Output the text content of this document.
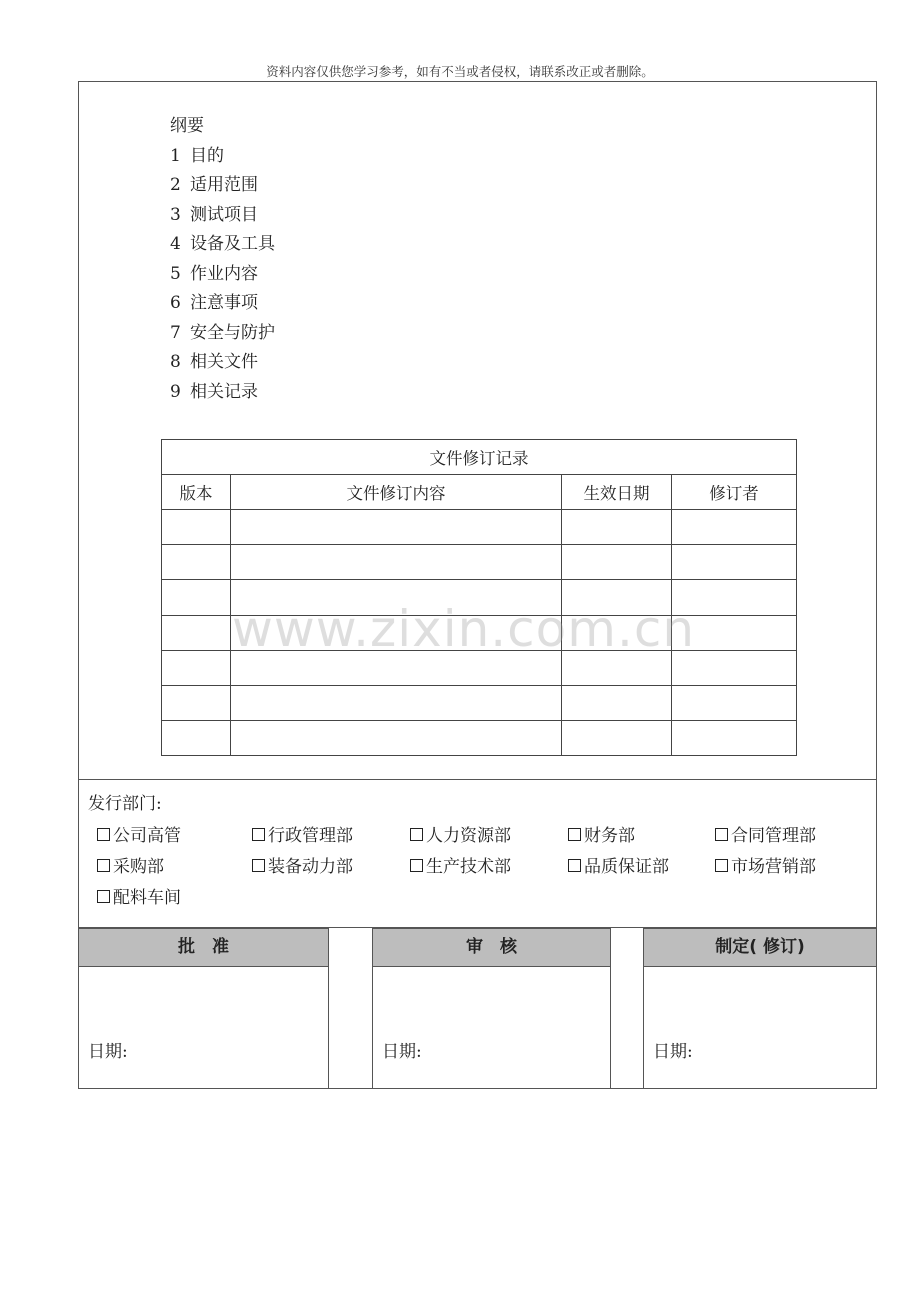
资料内容仅供您学习参考，如有不当或者侵权，请联系改正或者删除。
纲要
1 目的
2 适用范围
3 测试项目
4 设备及工具
5 作业内容
6 注意事项
7 安全与防护
8 相关文件
9 相关记录
文件修订记录			
版本	文件修订内容	生效日期	修订者

www.zixin.com.cn
发行部门:
公司高管	行政管理部	人力资源部	财务部	合同管理部
采购部	装备动力部	生产技术部	品质保证部	市场营销部
配料车间
批　准
日期:
审　核
日期:
制定( 修订)
日期:
